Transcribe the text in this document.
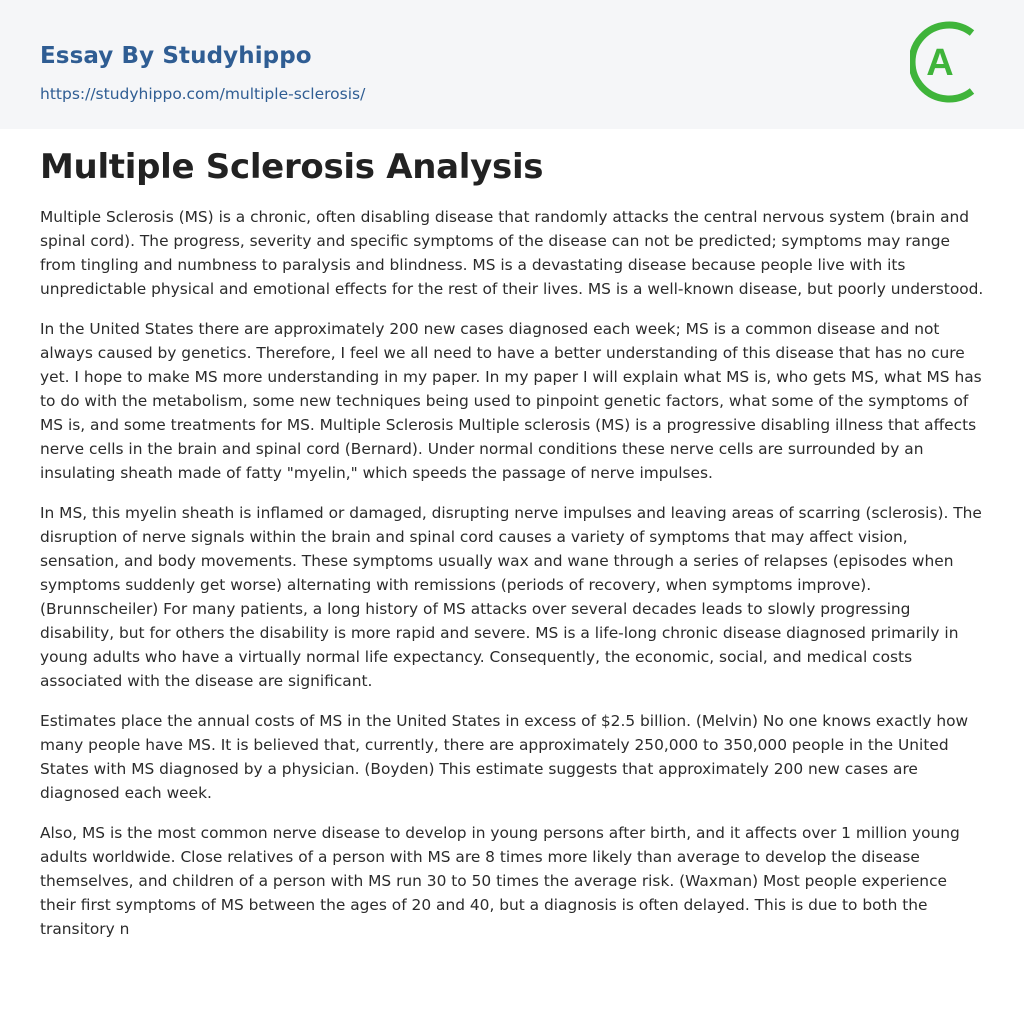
Essay By Studyhippo
https://studyhippo.com/multiple-sclerosis/
A
Multiple Sclerosis Analysis

Multiple Sclerosis (MS) is a chronic, often disabling disease that randomly attacks the central nervous system (brain and spinal cord). The progress, severity and specific symptoms of the disease can not be predicted; symptoms may range from tingling and numbness to paralysis and blindness. MS is a devastating disease because people live with its unpredictable physical and emotional effects for the rest of their lives. MS is a well-known disease, but poorly understood.

In the United States there are approximately 200 new cases diagnosed each week; MS is a common disease and not always caused by genetics. Therefore, I feel we all need to have a better understanding of this disease that has no cure yet. I hope to make MS more understanding in my paper. In my paper I will explain what MS is, who gets MS, what MS has to do with the metabolism, some new techniques being used to pinpoint genetic factors, what some of the symptoms of MS is, and some treatments for MS. Multiple Sclerosis Multiple sclerosis (MS) is a progressive disabling illness that affects nerve cells in the brain and spinal cord (Bernard). Under normal conditions these nerve cells are surrounded by an insulating sheath made of fatty "myelin," which speeds the passage of nerve impulses.

In MS, this myelin sheath is inflamed or damaged, disrupting nerve impulses and leaving areas of scarring (sclerosis). The disruption of nerve signals within the brain and spinal cord causes a variety of symptoms that may affect vision, sensation, and body movements. These symptoms usually wax and wane through a series of relapses (episodes when symptoms suddenly get worse) alternating with remissions (periods of recovery, when symptoms improve). (Brunnscheiler) For many patients, a long history of MS attacks over several decades leads to slowly progressing disability, but for others the disability is more rapid and severe. MS is a life-long chronic disease diagnosed primarily in young adults who have a virtually normal life expectancy. Consequently, the economic, social, and medical costs associated with the disease are significant.

Estimates place the annual costs of MS in the United States in excess of $2.5 billion. (Melvin) No one knows exactly how many people have MS. It is believed that, currently, there are approximately 250,000 to 350,000 people in the United States with MS diagnosed by a physician. (Boyden) This estimate suggests that approximately 200 new cases are diagnosed each week.

Also, MS is the most common nerve disease to develop in young persons after birth, and it affects over 1 million young adults worldwide. Close relatives of a person with MS are 8 times more likely than average to develop the disease themselves, and children of a person with MS run 30 to 50 times the average risk. (Waxman) Most people experience their first symptoms of MS between the ages of 20 and 40, but a diagnosis is often delayed. This is due to both the transitory n
